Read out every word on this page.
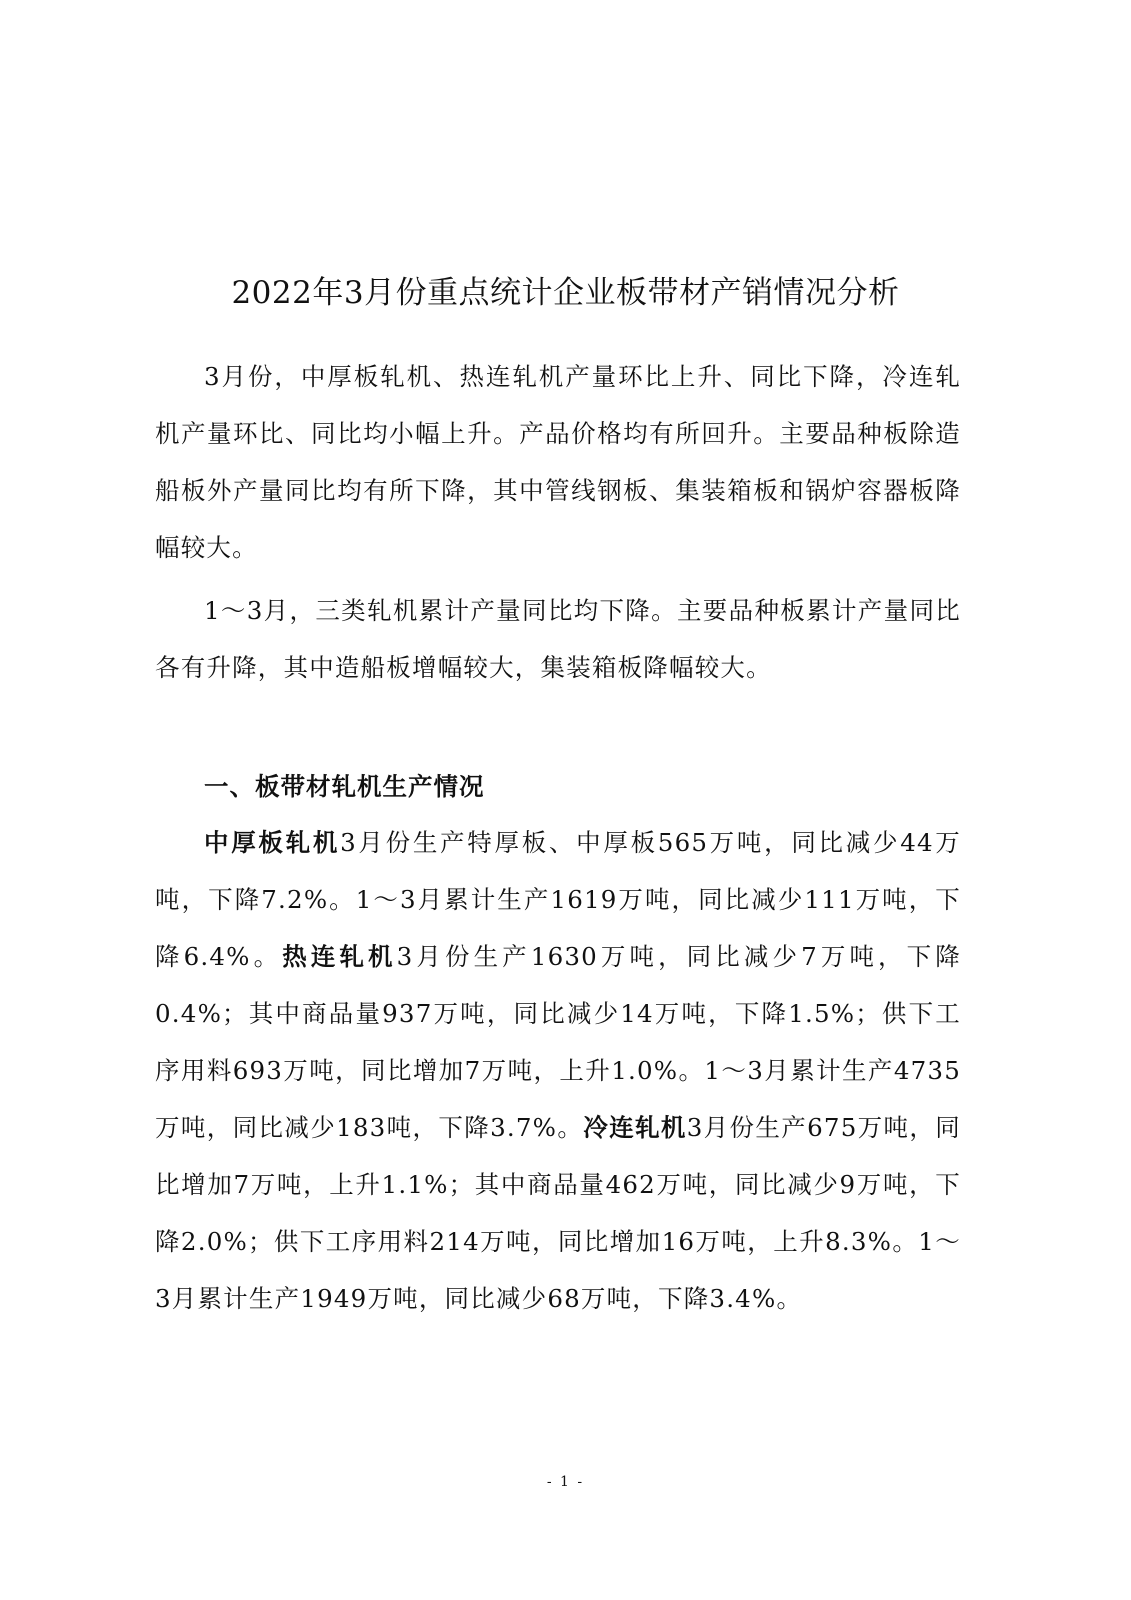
2022年3月份重点统计企业板带材产销情况分析

3月份，中厚板轧机、热连轧机产量环比上升、同比下降，冷连轧机产量环比、同比均小幅上升。产品价格均有所回升。主要品种板除造船板外产量同比均有所下降，其中管线钢板、集装箱板和锅炉容器板降幅较大。

1～3月，三类轧机累计产量同比均下降。主要品种板累计产量同比各有升降，其中造船板增幅较大，集装箱板降幅较大。

一、板带材轧机生产情况

中厚板轧机3月份生产特厚板、中厚板565万吨，同比减少44万吨，下降7.2%。1～3月累计生产1619万吨，同比减少111万吨，下降6.4%。热连轧机3月份生产1630万吨，同比减少7万吨，下降0.4%；其中商品量937万吨，同比减少14万吨，下降1.5%；供下工序用料693万吨，同比增加7万吨，上升1.0%。1～3月累计生产4735万吨，同比减少183吨，下降3.7%。冷连轧机3月份生产675万吨，同比增加7万吨，上升1.1%；其中商品量462万吨，同比减少9万吨，下降2.0%；供下工序用料214万吨，同比增加16万吨，上升8.3%。1～3月累计生产1949万吨，同比减少68万吨，下降3.4%。

- 1 -
